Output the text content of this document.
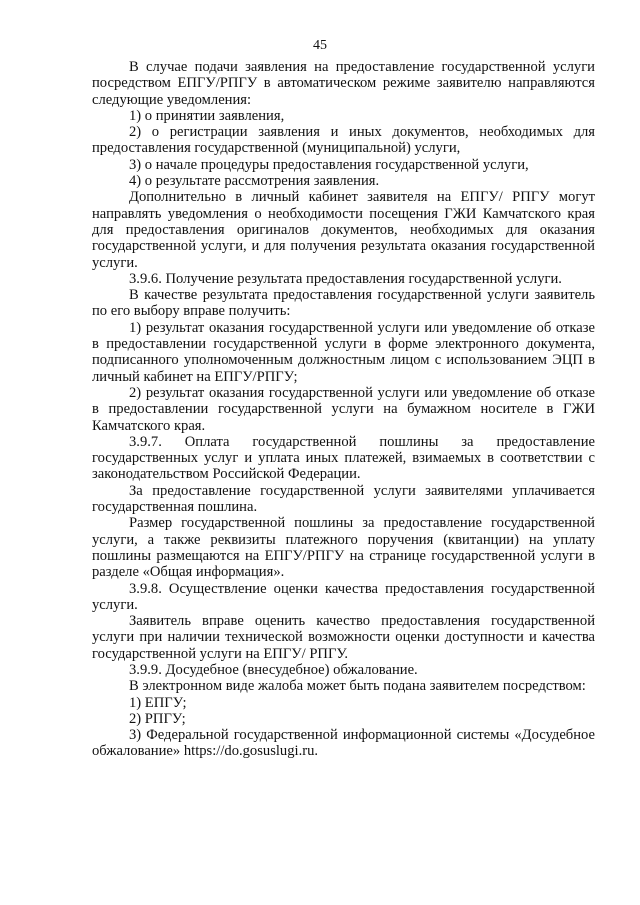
45

В случае подачи заявления на предоставление государственной услуги посредством ЕПГУ/РПГУ в автоматическом режиме заявителю направляются следующие уведомления:

1) о принятии заявления,

2) о регистрации заявления и иных документов, необходимых для предоставления государственной (муниципальной) услуги,

3) о начале процедуры предоставления государственной услуги,

4) о результате рассмотрения заявления.

Дополнительно в личный кабинет заявителя на ЕПГУ/ РПГУ могут направлять уведомления о необходимости посещения ГЖИ Камчатского края для предоставления оригиналов документов, необходимых для оказания государственной услуги, и для получения результата оказания государственной услуги.

3.9.6. Получение результата предоставления государственной услуги.

В качестве результата предоставления государственной услуги заявитель по его выбору вправе получить:

1) результат оказания государственной услуги или уведомление об отказе в предоставлении государственной услуги в форме электронного документа, подписанного уполномоченным должностным лицом с использованием ЭЦП в личный кабинет на ЕПГУ/РПГУ;

2) результат оказания государственной услуги или уведомление об отказе в предоставлении государственной услуги на бумажном носителе в ГЖИ Камчатского края.

3.9.7. Оплата государственной пошлины за предоставление государственных услуг и уплата иных платежей, взимаемых в соответствии с законодательством Российской Федерации.

За предоставление государственной услуги заявителями уплачивается государственная пошлина.

Размер государственной пошлины за предоставление государственной услуги, а также реквизиты платежного поручения (квитанции) на уплату пошлины размещаются на ЕПГУ/РПГУ на странице государственной услуги в разделе «Общая информация».

3.9.8. Осуществление оценки качества предоставления государственной услуги.

Заявитель вправе оценить качество предоставления государственной услуги при наличии технической возможности оценки доступности и качества государственной услуги на ЕПГУ/ РПГУ.

3.9.9. Досудебное (внесудебное) обжалование.

В электронном виде жалоба может быть подана заявителем посредством:

1) ЕПГУ;

2) РПГУ;

3) Федеральной государственной информационной системы «Досудебное обжалование» https://do.gosuslugi.ru.
